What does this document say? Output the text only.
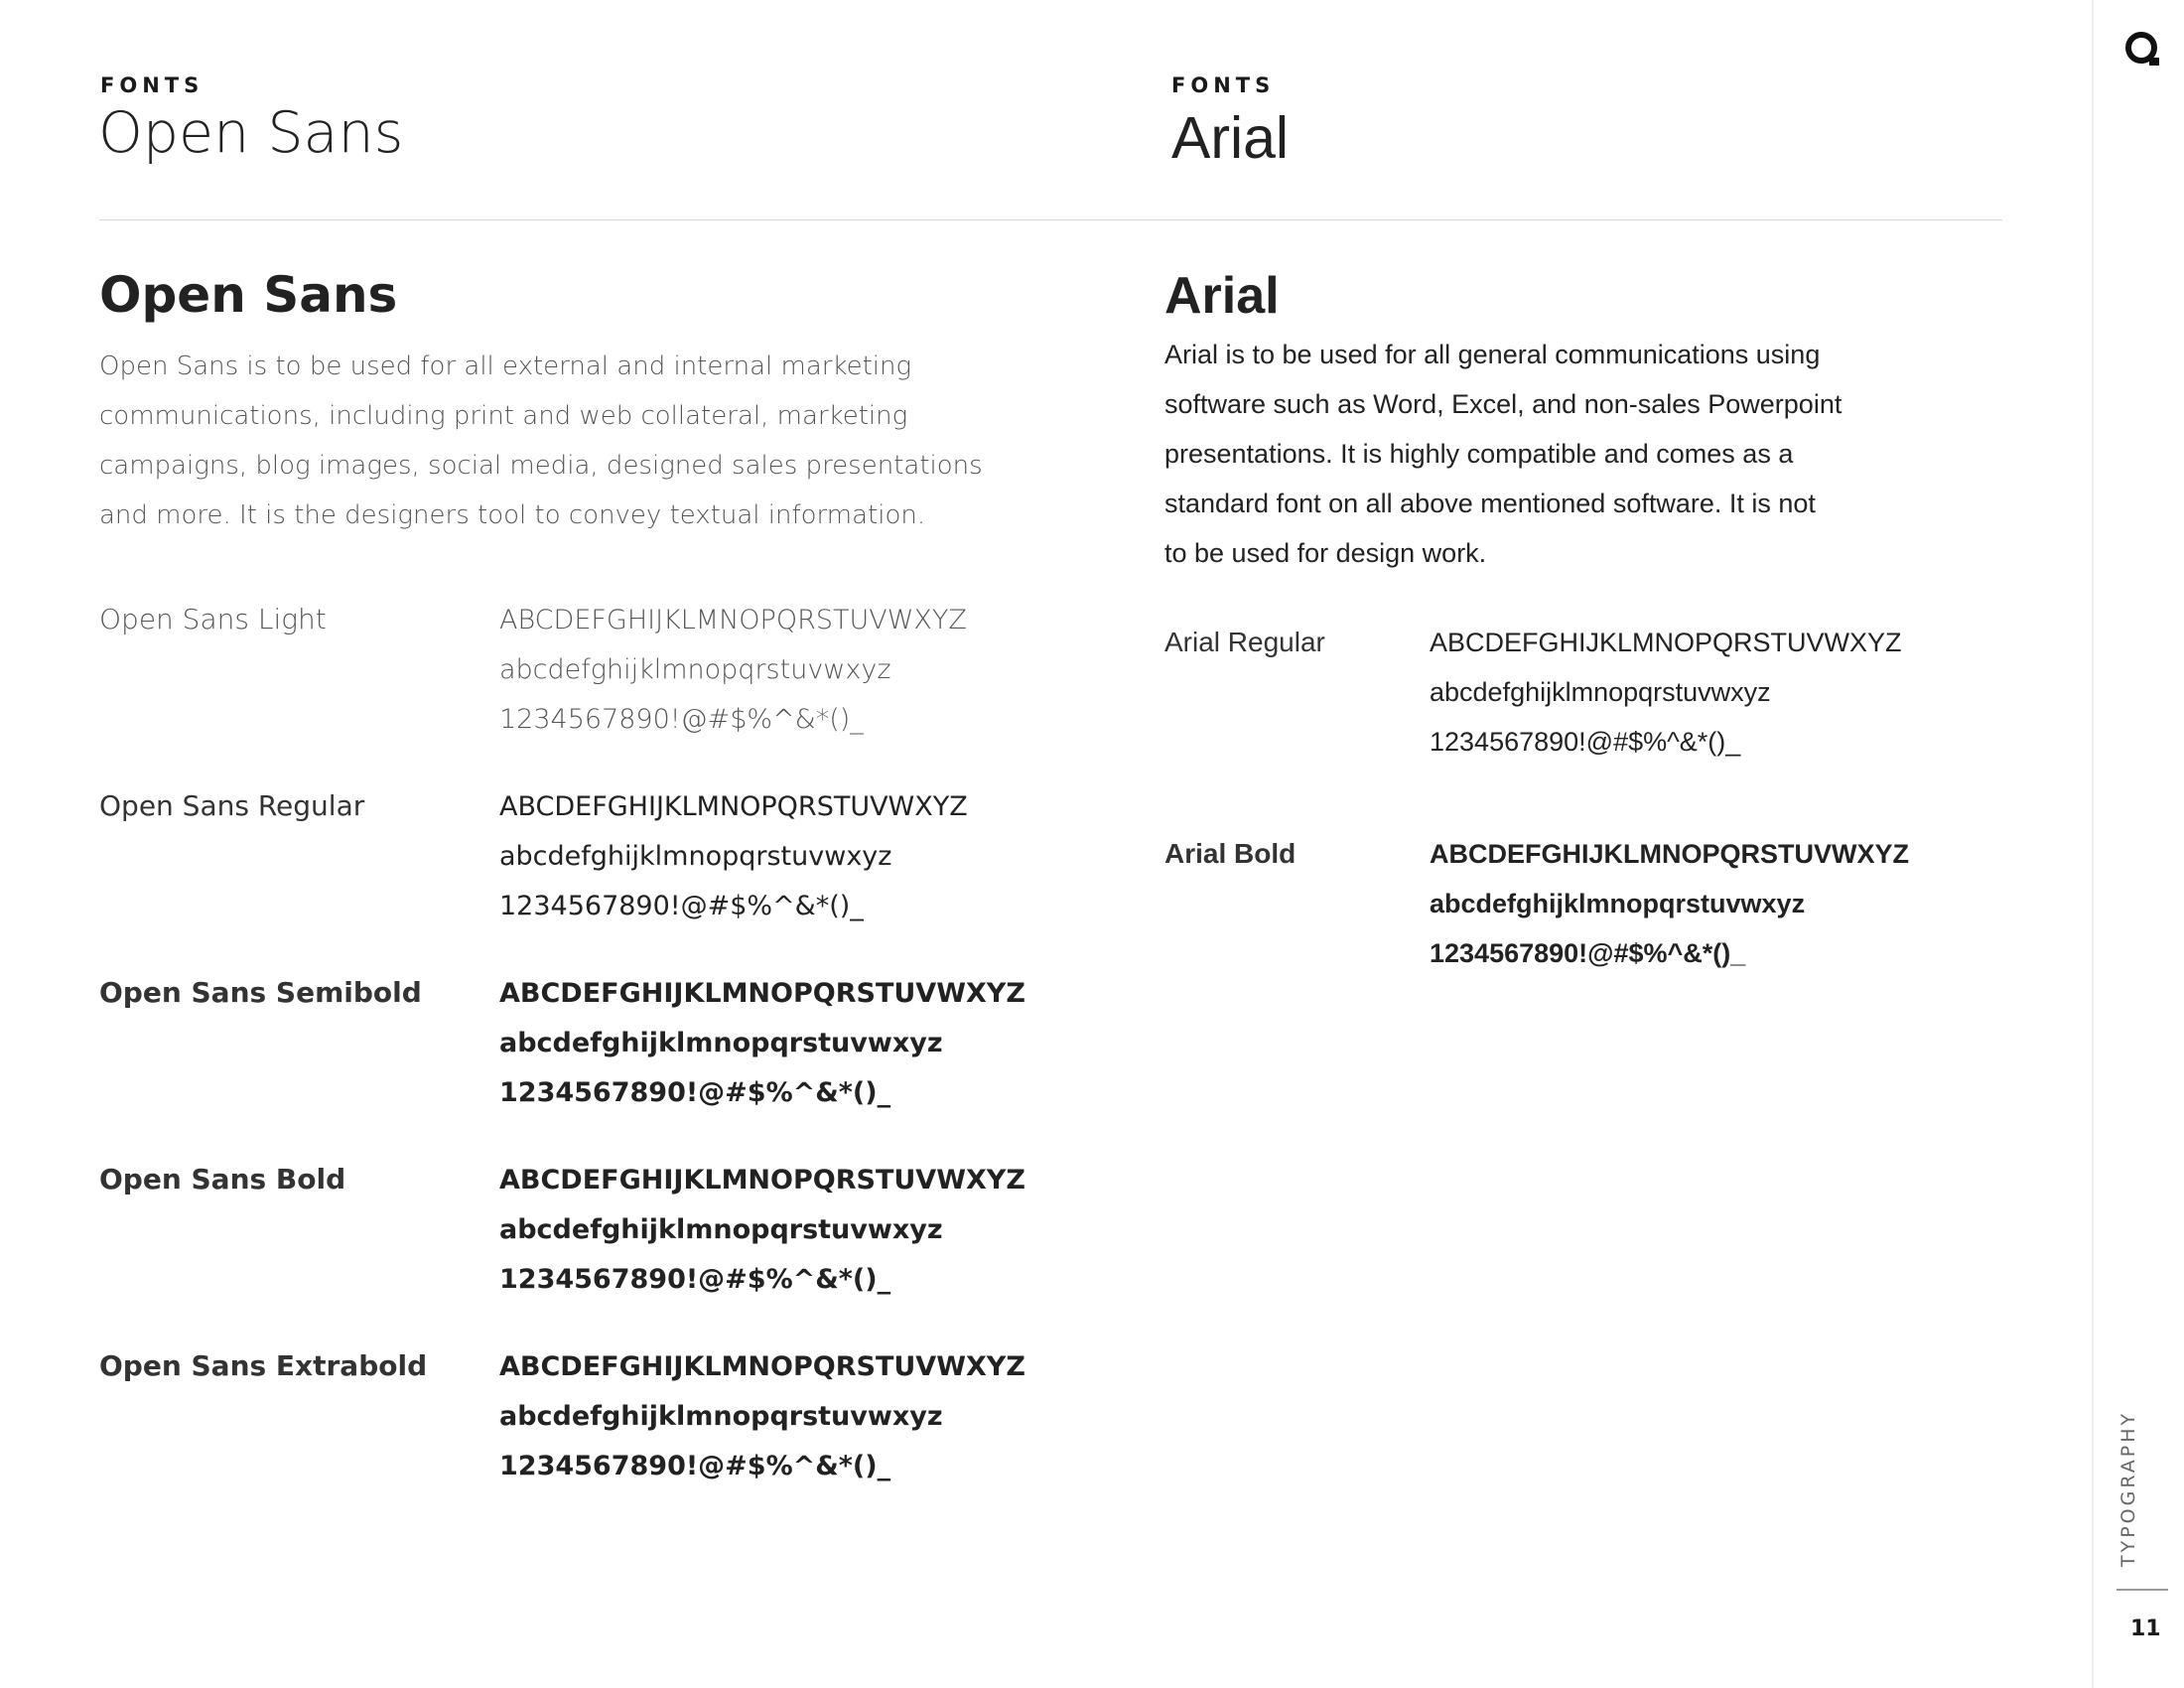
FONTS
Open Sans
FONTS
Arial
Open Sans
Open Sans is to be used for all external and internal marketing
communications, including print and web collateral, marketing
campaigns, blog images, social media, designed sales presentations
and more. It is the designers tool to convey textual information.
Open Sans Light	ABCDEFGHIJKLMNOPQRSTUVWXYZ
abcdefghijklmnopqrstuvwxyz
1234567890!@#$%^&*()_
Open Sans Regular	ABCDEFGHIJKLMNOPQRSTUVWXYZ
abcdefghijklmnopqrstuvwxyz
1234567890!@#$%^&*()_
Open Sans Semibold	ABCDEFGHIJKLMNOPQRSTUVWXYZ
abcdefghijklmnopqrstuvwxyz
1234567890!@#$%^&*()_
Open Sans Bold	ABCDEFGHIJKLMNOPQRSTUVWXYZ
abcdefghijklmnopqrstuvwxyz
1234567890!@#$%^&*()_
Open Sans Extrabold	ABCDEFGHIJKLMNOPQRSTUVWXYZ
abcdefghijklmnopqrstuvwxyz
1234567890!@#$%^&*()_
Arial
Arial is to be used for all general communications using
software such as Word, Excel, and non-sales Powerpoint
presentations. It is highly compatible and comes as a
standard font on all above mentioned software. It is not
to be used for design work.
Arial Regular	ABCDEFGHIJKLMNOPQRSTUVWXYZ
abcdefghijklmnopqrstuvwxyz
1234567890!@#$%^&*()_
Arial Bold	ABCDEFGHIJKLMNOPQRSTUVWXYZ
abcdefghijklmnopqrstuvwxyz
1234567890!@#$%^&*()_
TYPOGRAPHY
11
